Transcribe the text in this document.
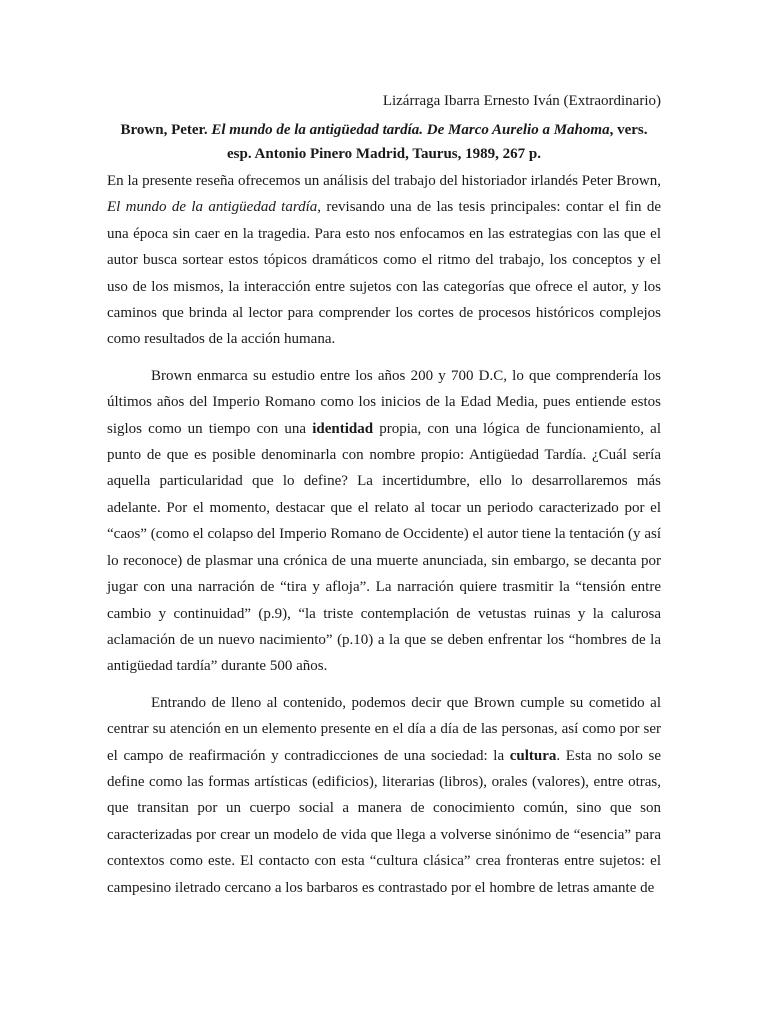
Lizárraga Ibarra Ernesto Iván (Extraordinario)
Brown, Peter. El mundo de la antigüedad tardía. De Marco Aurelio a Mahoma, vers. esp. Antonio Pinero Madrid, Taurus, 1989, 267 p.

En la presente reseña ofrecemos un análisis del trabajo del historiador irlandés Peter Brown, El mundo de la antigüedad tardía, revisando una de las tesis principales: contar el fin de una época sin caer en la tragedia. Para esto nos enfocamos en las estrategias con las que el autor busca sortear estos tópicos dramáticos como el ritmo del trabajo, los conceptos y el uso de los mismos, la interacción entre sujetos con las categorías que ofrece el autor, y los caminos que brinda al lector para comprender los cortes de procesos históricos complejos como resultados de la acción humana.

Brown enmarca su estudio entre los años 200 y 700 D.C, lo que comprendería los últimos años del Imperio Romano como los inicios de la Edad Media, pues entiende estos siglos como un tiempo con una identidad propia, con una lógica de funcionamiento, al punto de que es posible denominarla con nombre propio: Antigüedad Tardía. ¿Cuál sería aquella particularidad que lo define? La incertidumbre, ello lo desarrollaremos más adelante. Por el momento, destacar que el relato al tocar un periodo caracterizado por el “caos” (como el colapso del Imperio Romano de Occidente) el autor tiene la tentación (y así lo reconoce) de plasmar una crónica de una muerte anunciada, sin embargo, se decanta por jugar con una narración de “tira y afloja”. La narración quiere trasmitir la “tensión entre cambio y continuidad” (p.9), “la triste contemplación de vetustas ruinas y la calurosa aclamación de un nuevo nacimiento” (p.10) a la que se deben enfrentar los “hombres de la antigüedad tardía” durante 500 años.

Entrando de lleno al contenido, podemos decir que Brown cumple su cometido al centrar su atención en un elemento presente en el día a día de las personas, así como por ser el campo de reafirmación y contradicciones de una sociedad: la cultura. Esta no solo se define como las formas artísticas (edificios), literarias (libros), orales (valores), entre otras, que transitan por un cuerpo social a manera de conocimiento común, sino que son caracterizadas por crear un modelo de vida que llega a volverse sinónimo de “esencia” para contextos como este. El contacto con esta “cultura clásica” crea fronteras entre sujetos: el campesino iletrado cercano a los barbaros es contrastado por el hombre de letras amante de
